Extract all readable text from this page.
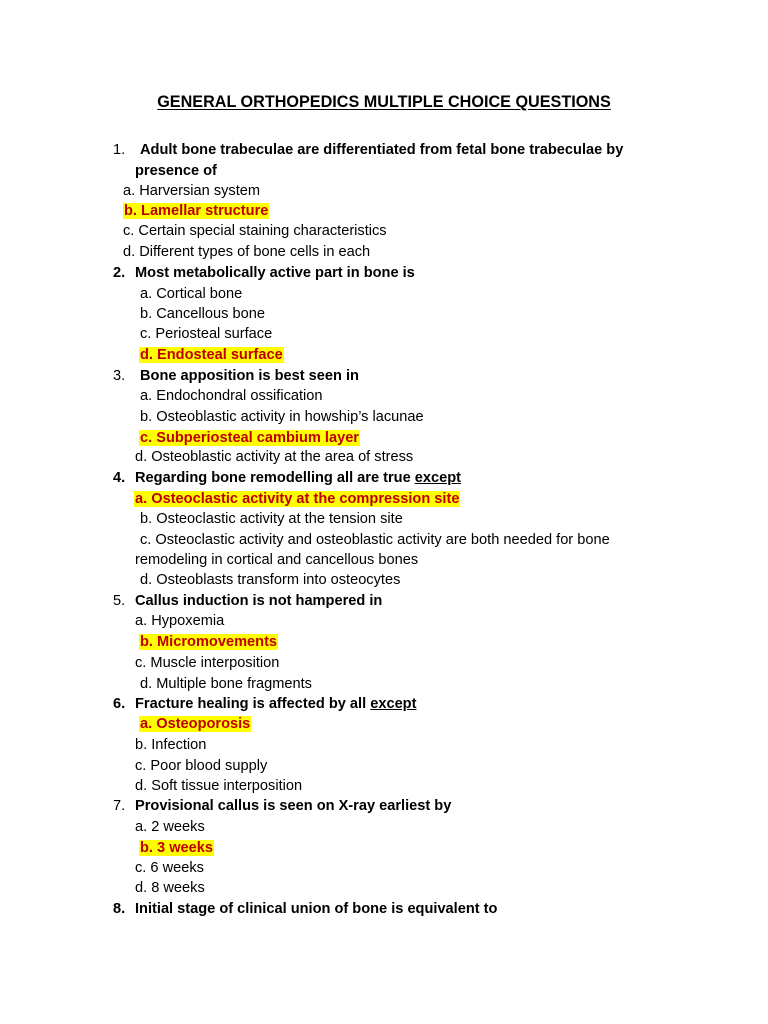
GENERAL ORTHOPEDICS MULTIPLE CHOICE QUESTIONS
1. Adult bone trabeculae are differentiated from fetal bone trabeculae by
presence of
a. Harversian system
b. Lamellar structure
c. Certain special staining characteristics
d. Different types of bone cells in each
2. Most metabolically active part in bone is
a. Cortical bone
b. Cancellous bone
c. Periosteal surface
d. Endosteal surface
3. Bone apposition is best seen in
a. Endochondral ossification
b. Osteoblastic activity in howship’s lacunae
c. Subperiosteal cambium layer
d. Osteoblastic activity at the area of stress
4. Regarding bone remodelling all are true except
a. Osteoclastic activity at the compression site
b. Osteoclastic activity at the tension site
c. Osteoclastic activity and osteoblastic activity are both needed for bone
remodeling in cortical and cancellous bones
d. Osteoblasts transform into osteocytes
5. Callus induction is not hampered in
a. Hypoxemia
b. Micromovements
c. Muscle interposition
d. Multiple bone fragments
6. Fracture healing is affected by all except
a. Osteoporosis
b. Infection
c. Poor blood supply
d. Soft tissue interposition
7. Provisional callus is seen on X-ray earliest by
a. 2 weeks
b. 3 weeks
c. 6 weeks
d. 8 weeks
8. Initial stage of clinical union of bone is equivalent to
